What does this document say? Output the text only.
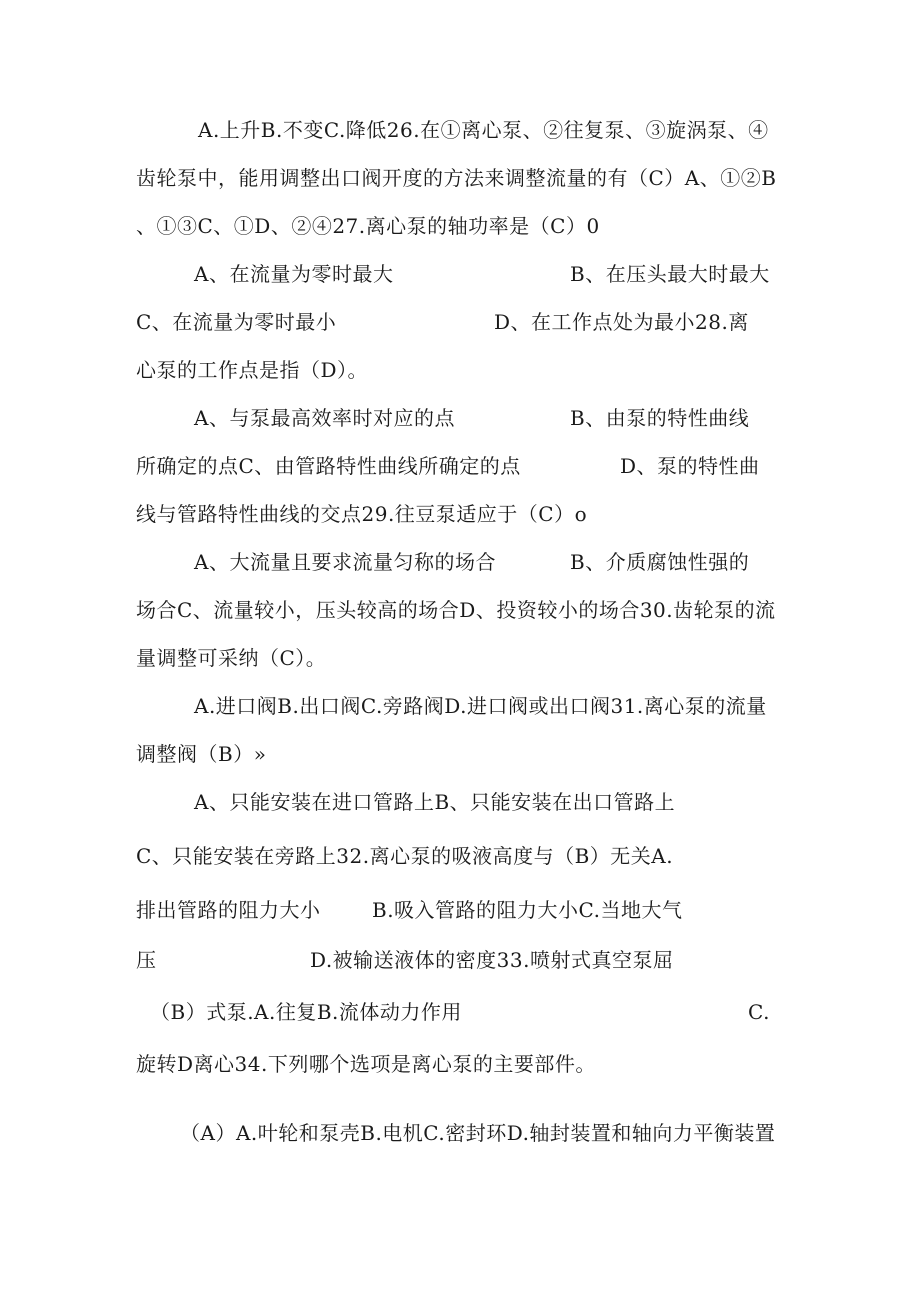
A.上升B.不变C.降低26.在①离心泵、②往复泵、③旋涡泵、④
齿轮泵中，能用调整出口阀开度的方法来调整流量的有（C）A、①②B
、①③C、①D、②④27.离心泵的轴功率是（C）0
A、在流量为零时最大	B、在压头最大时最大
C、在流量为零时最小	D、在工作点处为最小28.离
心泵的工作点是指（D）。
A、与泵最高效率时对应的点	B、由泵的特性曲线
所确定的点C、由管路特性曲线所确定的点	D、泵的特性曲
线与管路特性曲线的交点29.往豆泵适应于（C）o
A、大流量且要求流量匀称的场合	B、介质腐蚀性强的
场合C、流量较小，压头较高的场合D、投资较小的场合30.齿轮泵的流
量调整可采纳（C）。
A.进口阀B.出口阀C.旁路阀D.进口阀或出口阀31.离心泵的流量
调整阀（B）»
A、只能安装在进口管路上B、只能安装在出口管路上
C、只能安装在旁路上32.离心泵的吸液高度与（B）无关A.
排出管路的阻力大小	B.吸入管路的阻力大小C.当地大气
压	D.被输送液体的密度33.喷射式真空泵屈
（B）式泵.A.往复B.流体动力作用	C.
旋转D离心34.下列哪个选项是离心泵的主要部件。
（A）A.叶轮和泵壳B.电机C.密封环D.轴封装置和轴向力平衡装置
